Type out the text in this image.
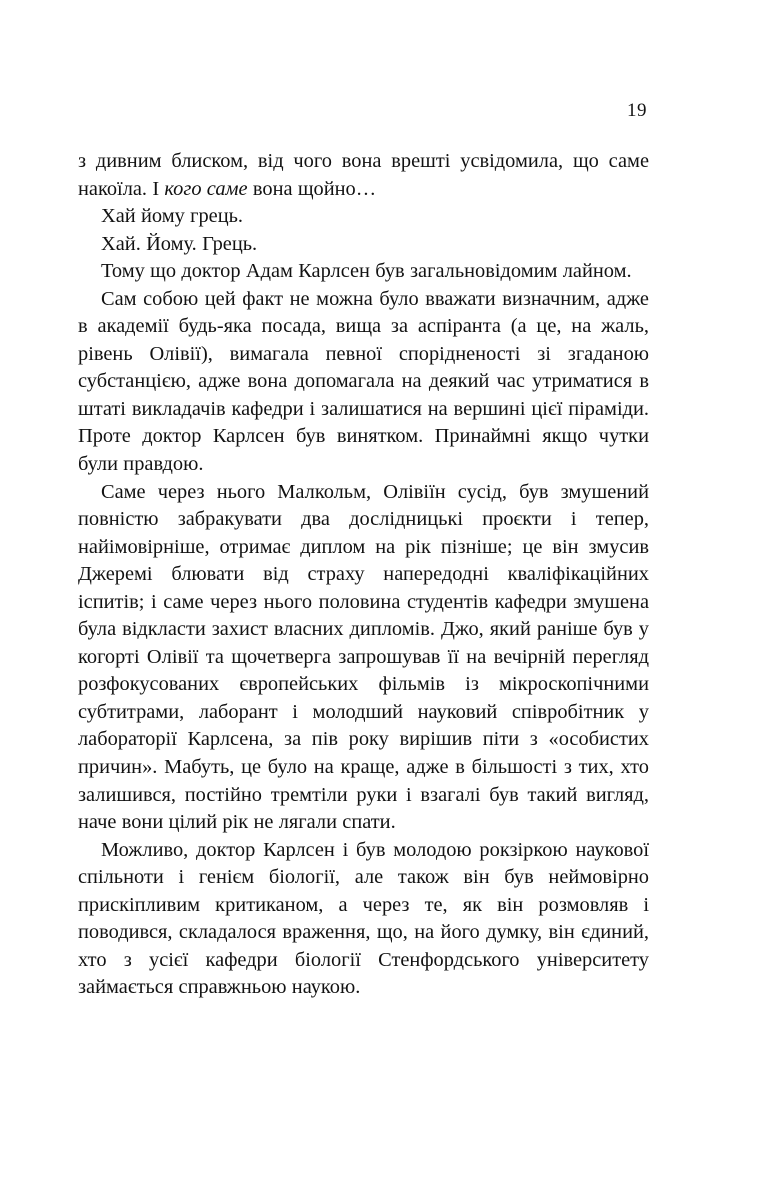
19

з дивним блиском, від чого вона врешті усвідомила, що саме накоїла. І кого саме вона щойно…

Хай йому грець.

Хай. Йому. Грець.

Тому що доктор Адам Карлсен був загальновідомим лайном.

Сам собою цей факт не можна було вважати визначним, адже в академії будь-яка посада, вища за аспіранта (а це, на жаль, рівень Олівії), вимагала певної спорідненості зі згаданою субстанцією, адже вона допомагала на деякий час утриматися в штаті викладачів кафедри і залишатися на вершині цієї піраміди. Проте доктор Карлсен був винятком. Принаймні якщо чутки були правдою.

Саме через нього Малкольм, Олівіїн сусід, був змушений повністю забракувати два дослідницькі проєкти і тепер, найімовірніше, отримає диплом на рік пізніше; це він змусив Джеремі блювати від страху напередодні кваліфікаційних іспитів; і саме через нього половина студентів кафедри змушена була відкласти захист власних дипломів. Джо, який раніше був у когорті Олівії та щочетверга запрошував її на вечірній перегляд розфокусованих європейських фільмів із мікроскопічними субтитрами, лаборант і молодший науковий співробітник у лабораторії Карлсена, за пів року вирішив піти з «особистих причин». Мабуть, це було на краще, адже в більшості з тих, хто залишився, постійно тремтіли руки і взагалі був такий вигляд, наче вони цілий рік не лягали спати.

Можливо, доктор Карлсен і був молодою рокзіркою наукової спільноти і генієм біології, але також він був неймовірно прискіпливим критиканом, а через те, як він розмовляв і поводився, складалося враження, що, на його думку, він єдиний, хто з усієї кафедри біології Стенфордського університету займається справжньою наукою.
